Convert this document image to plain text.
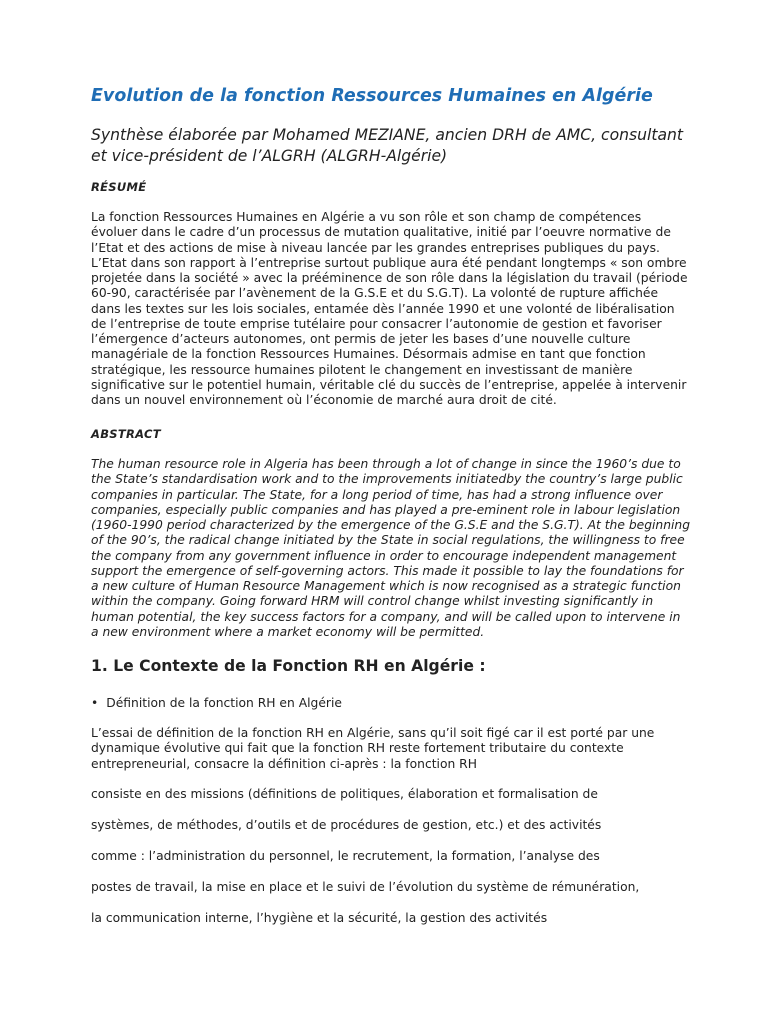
Evolution de la fonction Ressources Humaines en Algérie

Synthèse élaborée par Mohamed MEZIANE, ancien DRH de AMC, consultant et vice-président de l’ALGRH (ALGRH-Algérie)

RÉSUMÉ

La fonction Ressources Humaines en Algérie a vu son rôle et son champ de compétences évoluer dans le cadre d’un processus de mutation qualitative, initié par l’oeuvre normative de l’Etat et des actions de mise à niveau lancée par les grandes entreprises publiques du pays. L’Etat dans son rapport à l’entreprise surtout publique aura été pendant longtemps « son ombre projetée dans la société » avec la prééminence de son rôle dans la législation du travail (période 60-90, caractérisée par l’avènement de la G.S.E et du S.G.T). La volonté de rupture affichée dans les textes sur les lois sociales, entamée dès l’année 1990 et une volonté de libéralisation de l’entreprise de toute emprise tutélaire pour consacrer l’autonomie de gestion et favoriser l’émergence d’acteurs autonomes, ont permis de jeter les bases d’une nouvelle culture managériale de la fonction Ressources Humaines. Désormais admise en tant que fonction stratégique, les ressource humaines pilotent le changement en investissant de manière significative sur le potentiel humain, véritable clé du succès de l’entreprise, appelée à intervenir dans un nouvel environnement où l’économie de marché aura droit de cité.

ABSTRACT

The human resource role in Algeria has been through a lot of change in since the 1960’s due to the State’s standardisation work and to the improvements initiatedby the country’s large public companies in particular. The State, for a long period of time, has had a strong influence over companies, especially public companies and has played a pre-eminent role in labour legislation (1960-1990 period characterized by the emergence of the G.S.E and the S.G.T). At the beginning of the 90’s, the radical change initiated by the State in social regulations, the willingness to free the company from any government influence in order to encourage independent management support the emergence of self-governing actors. This made it possible to lay the foundations for a new culture of Human Resource Management which is now recognised as a strategic function within the company. Going forward HRM will control change whilst investing significantly in human potential, the key success factors for a company, and will be called upon to intervene in a new environment where a market economy will be permitted.

1. Le Contexte de la Fonction RH en Algérie :
• Définition de la fonction RH en Algérie

L’essai de définition de la fonction RH en Algérie, sans qu’il soit figé car il est porté par une dynamique évolutive qui fait que la fonction RH reste fortement tributaire du contexte entrepreneurial, consacre la définition ci-après : la fonction RH

consiste en des missions (définitions de politiques, élaboration et formalisation de

systèmes, de méthodes, d’outils et de procédures de gestion, etc.) et des activités

comme : l’administration du personnel, le recrutement, la formation, l’analyse des

postes de travail, la mise en place et le suivi de l’évolution du système de rémunération,

la communication interne, l’hygiène et la sécurité, la gestion des activités
